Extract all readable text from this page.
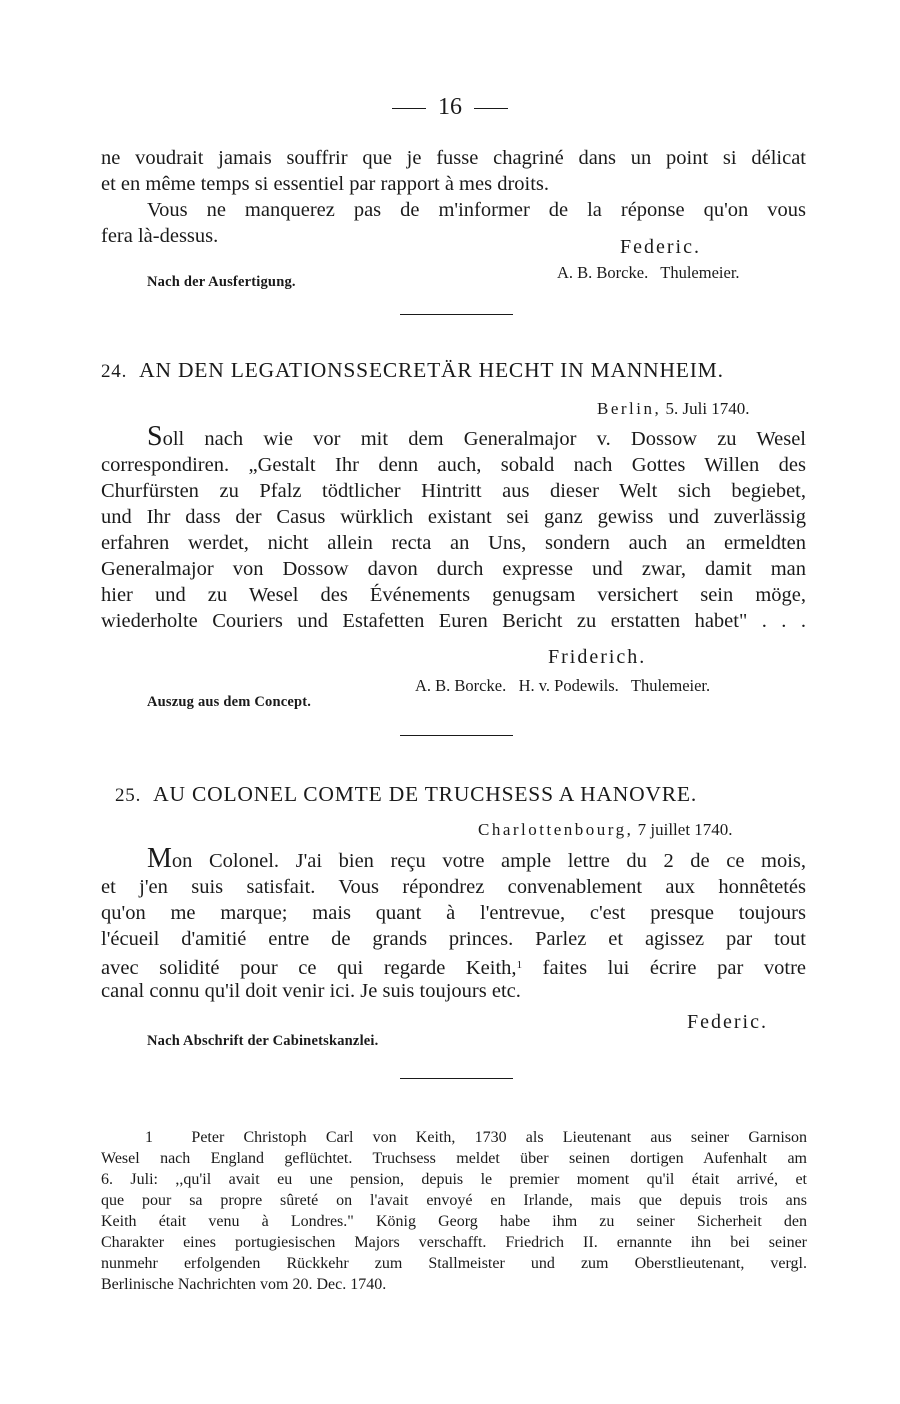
16
ne voudrait jamais souffrir que je fusse chagriné dans un point si délicat
et en même temps si essentiel par rapport à mes droits.
Vous ne manquerez pas de m'informer de la réponse qu'on vous
fera là-dessus.	Federic.
A. B. Borcke.   Thulemeier.
Nach der Ausfertigung.
24. AN DEN LEGATIONSSECRETÄR HECHT IN MANNHEIM.
Berlin, 5. Juli 1740.
Soll nach wie vor mit dem Generalmajor v. Dossow zu Wesel
correspondiren. „Gestalt Ihr denn auch, sobald nach Gottes Willen des
Churfürsten zu Pfalz tödtlicher Hintritt aus dieser Welt sich begiebet,
und Ihr dass der Casus würklich existant sei ganz gewiss und zuverlässig
erfahren werdet, nicht allein recta an Uns, sondern auch an ermeldten
Generalmajor von Dossow davon durch expresse und zwar, damit man
hier und zu Wesel des Événements genugsam versichert sein möge,
wiederholte Couriers und Estafetten Euren Bericht zu erstatten habet" . . .
Friderich.
A. B. Borcke.   H. v. Podewils.   Thulemeier.
Auszug aus dem Concept.
25. AU COLONEL COMTE DE TRUCHSESS A HANOVRE.
Charlottenbourg, 7 juillet 1740.
Mon Colonel. J'ai bien reçu votre ample lettre du 2 de ce mois,
et j'en suis satisfait. Vous répondrez convenablement aux honnêtetés
qu'on me marque; mais quant à l'entrevue, c'est presque toujours
l'écueil d'amitié entre de grands princes. Parlez et agissez par tout
avec solidité pour ce qui regarde Keith,$^1$ faites lui écrire par votre
canal connu qu'il doit venir ici. Je suis toujours etc.
Federic.
Nach Abschrift der Cabinetskanzlei.
1 Peter Christoph Carl von Keith, 1730 als Lieutenant aus seiner Garnison
Wesel nach England geflüchtet. Truchsess meldet über seinen dortigen Aufenhalt am
6. Juli: ,,qu'il avait eu une pension, depuis le premier moment qu'il était arrivé, et
que pour sa propre sûreté on l'avait envoyé en Irlande, mais que depuis trois ans
Keith était venu à Londres." König Georg habe ihm zu seiner Sicherheit den
Charakter eines portugiesischen Majors verschafft. Friedrich II. ernannte ihn bei seiner
nunmehr erfolgenden Rückkehr zum Stallmeister und zum Oberstlieutenant, vergl.
Berlinische Nachrichten vom 20. Dec. 1740.
